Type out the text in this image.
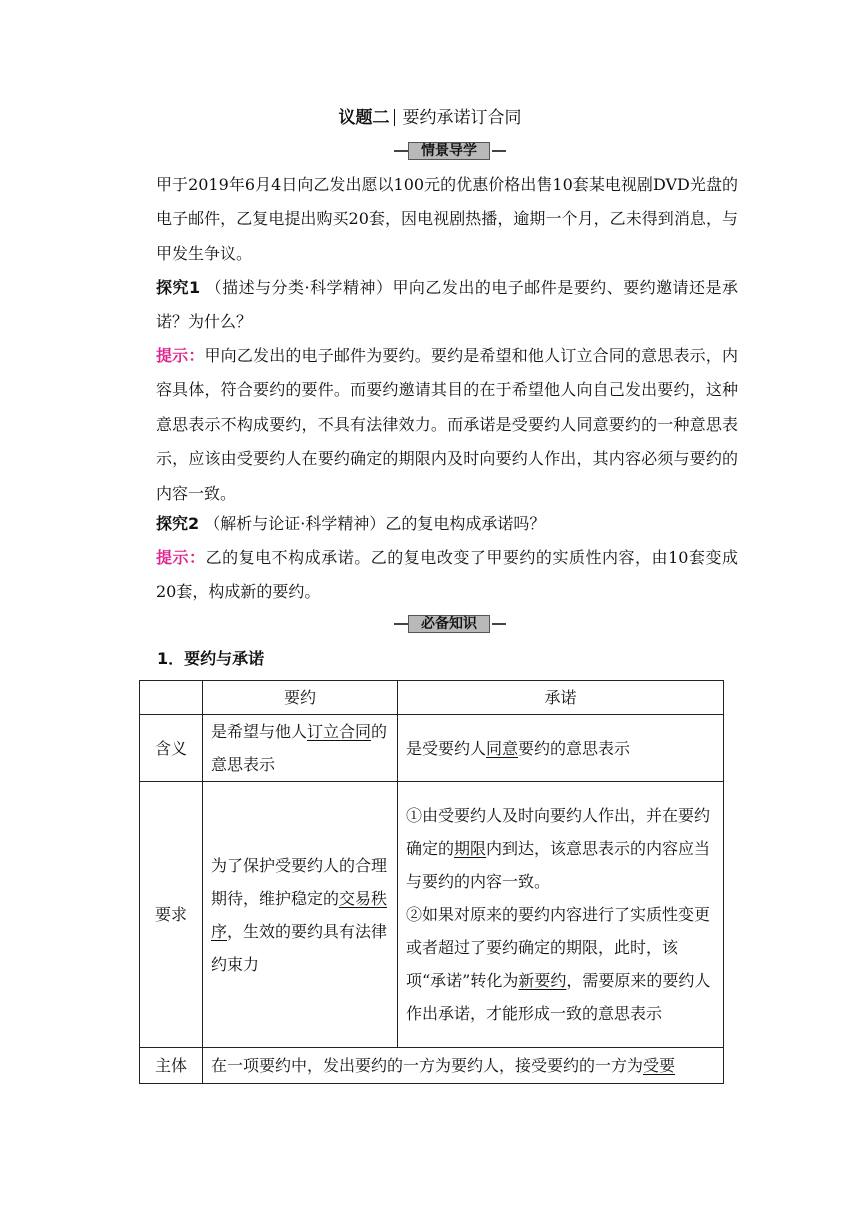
议题二 要约承诺订合同
情景导学
甲于2019年6月4日向乙发出愿以100元的优惠价格出售10套某电视剧DVD光盘的电子邮件，乙复电提出购买20套，因电视剧热播，逾期一个月，乙未得到消息，与甲发生争议。
探究1 （描述与分类·科学精神）甲向乙发出的电子邮件是要约、要约邀请还是承诺？为什么？
提示：甲向乙发出的电子邮件为要约。要约是希望和他人订立合同的意思表示，内容具体，符合要约的要件。而要约邀请其目的在于希望他人向自己发出要约，这种意思表示不构成要约，不具有法律效力。而承诺是受要约人同意要约的一种意思表示，应该由受要约人在要约确定的期限内及时向要约人作出，其内容必须与要约的内容一致。
探究2 （解析与论证·科学精神）乙的复电构成承诺吗？
提示：乙的复电不构成承诺。乙的复电改变了甲要约的实质性内容，由10套变成20套，构成新的要约。
必备知识
1．要约与承诺
	要约	承诺
含义	是希望与他人订立合同的意思表示	是受要约人同意要约的意思表示
要求	为了保护受要约人的合理期待，维护稳定的交易秩序，生效的要约具有法律约束力	①由受要约人及时向要约人作出，并在要约确定的期限内到达，该意思表示的内容应当与要约的内容一致。
②如果对原来的要约内容进行了实质性变更或者超过了要约确定的期限，此时，该项“承诺”转化为新要约，需要原来的要约人作出承诺，才能形成一致的意思表示

主体	在一项要约中，发出要约的一方为要约人，接受要约的一方为受要	
